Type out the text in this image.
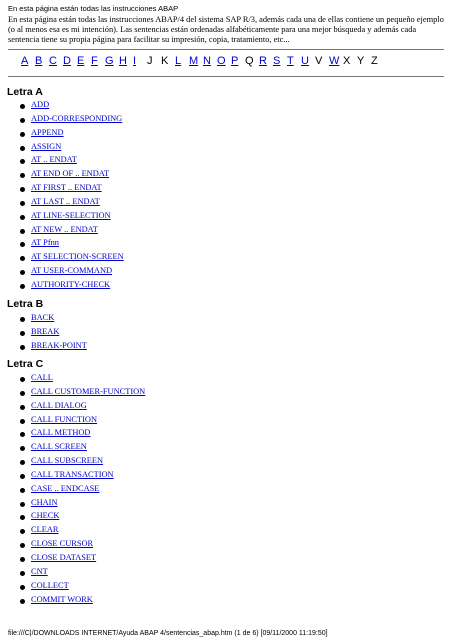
En esta página están todas las instrucciones ABAP
En esta página están todas las instrucciones ABAP/4 del sistema SAP R/3, además cada una de ellas contiene un pequeño ejemplo (o al menos esa es mi intención). Las sentencias están ordenadas alfabéticamente para una mejor búsqueda y además cada sentencia tiene su propia página para facilitar su impresión, copia, tratamiento, etc...
A B C D E F G H I J K L M N O P Q R S T U V W X Y Z
Letra A
ADD
ADD-CORRESPONDING
APPEND
ASSIGN
AT .. ENDAT
AT END OF .. ENDAT
AT FIRST .. ENDAT
AT LAST .. ENDAT
AT LINE-SELECTION
AT NEW .. ENDAT
AT Pfnn
AT SELECTION-SCREEN
AT USER-COMMAND
AUTHORITY-CHECK
Letra B
BACK
BREAK
BREAK-POINT
Letra C
CALL
CALL CUSTOMER-FUNCTION
CALL DIALOG
CALL FUNCTION
CALL METHOD
CALL SCREEN
CALL SUBSCREEN
CALL TRANSACTION
CASE .. ENDCASE
CHAIN
CHECK
CLEAR
CLOSE CURSOR
CLOSE DATASET
CNT
COLLECT
COMMIT WORK
file:///C|/DOWNLOADS INTERNET/Ayuda ABAP 4/sentencias_abap.htm (1 de 6) [09/11/2000 11:19:50]
